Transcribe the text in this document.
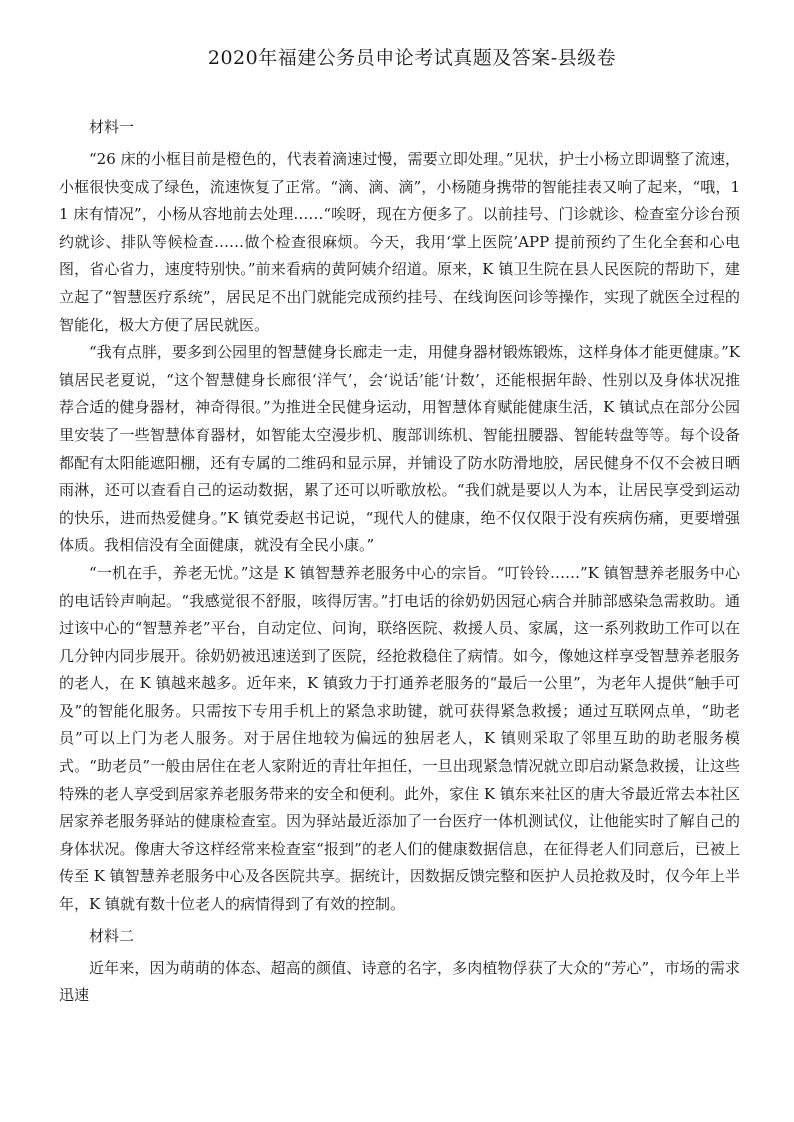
2020年福建公务员申论考试真题及答案-县级卷

材料一

“26 床的小框目前是橙色的，代表着滴速过慢，需要立即处理。”见状，护士小杨立即调整了流速，小框很快变成了绿色，流速恢复了正常。“滴、滴、滴”，小杨随身携带的智能挂表又响了起来，“哦，11 床有情况”，小杨从容地前去处理……“唉呀，现在方便多了。以前挂号、门诊就诊、检查室分诊台预约就诊、排队等候检查……做个检查很麻烦。今天，我用‘掌上医院’APP 提前预约了生化全套和心电图，省心省力，速度特别快。”前来看病的黄阿姨介绍道。原来，K 镇卫生院在县人民医院的帮助下，建立起了“智慧医疗系统”，居民足不出门就能完成预约挂号、在线询医问诊等操作，实现了就医全过程的智能化，极大方便了居民就医。

“我有点胖，要多到公园里的智慧健身长廊走一走，用健身器材锻炼锻炼，这样身体才能更健康。”K 镇居民老夏说，“这个智慧健身长廊很‘洋气’，会‘说话’能‘计数’，还能根据年龄、性别以及身体状况推荐合适的健身器材，神奇得很。”为推进全民健身运动，用智慧体育赋能健康生活，K 镇试点在部分公园里安装了一些智慧体育器材，如智能太空漫步机、腹部训练机、智能扭腰器、智能转盘等等。每个设备都配有太阳能遮阳棚，还有专属的二维码和显示屏，并铺设了防水防滑地胶，居民健身不仅不会被日晒雨淋，还可以查看自己的运动数据，累了还可以听歌放松。“我们就是要以人为本，让居民享受到运动的快乐，进而热爱健身。”K 镇党委赵书记说，“现代人的健康，绝不仅仅限于没有疾病伤痛，更要增强体质。我相信没有全面健康，就没有全民小康。”

“一机在手，养老无忧。”这是 K 镇智慧养老服务中心的宗旨。“叮铃铃……”K 镇智慧养老服务中心的电话铃声响起。“我感觉很不舒服，咳得厉害。”打电话的徐奶奶因冠心病合并肺部感染急需救助。通过该中心的“智慧养老”平台，自动定位、问询，联络医院、救援人员、家属，这一系列救助工作可以在几分钟内同步展开。徐奶奶被迅速送到了医院，经抢救稳住了病情。如今，像她这样享受智慧养老服务的老人，在 K 镇越来越多。近年来，K 镇致力于打通养老服务的“最后一公里”，为老年人提供“触手可及”的智能化服务。只需按下专用手机上的紧急求助键，就可获得紧急救援；通过互联网点单，“助老员”可以上门为老人服务。对于居住地较为偏远的独居老人，K 镇则采取了邻里互助的助老服务模式。“助老员”一般由居住在老人家附近的青壮年担任，一旦出现紧急情况就立即启动紧急救援，让这些特殊的老人享受到居家养老服务带来的安全和便利。此外，家住 K 镇东来社区的唐大爷最近常去本社区居家养老服务驿站的健康检查室。因为驿站最近添加了一台医疗一体机测试仪，让他能实时了解自己的身体状况。像唐大爷这样经常来检查室“报到”的老人们的健康数据信息，在征得老人们同意后，已被上传至 K 镇智慧养老服务中心及各医院共享。据统计，因数据反馈完整和医护人员抢救及时，仅今年上半年，K 镇就有数十位老人的病情得到了有效的控制。

材料二

近年来，因为萌萌的体态、超高的颜值、诗意的名字，多肉植物俘获了大众的“芳心”，市场的需求迅速
